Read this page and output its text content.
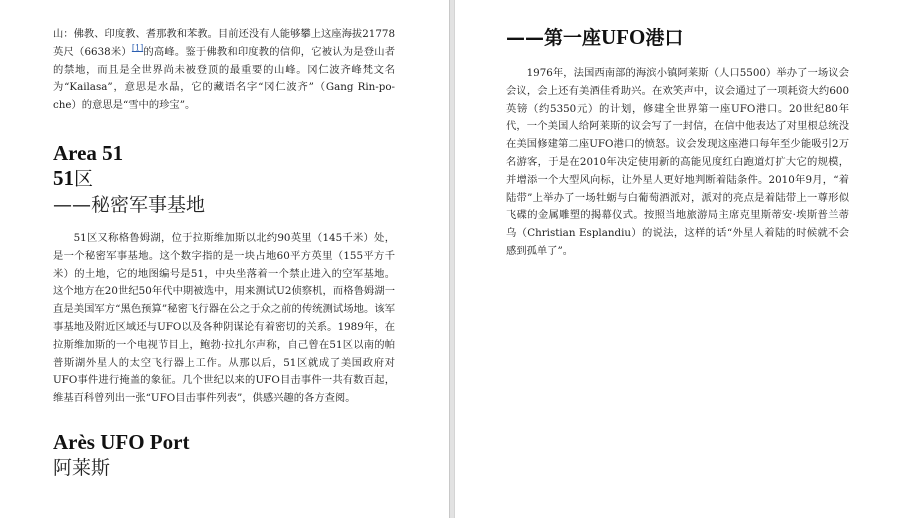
山：佛教、印度教、耆那教和苯教。目前还没有人能够攀上这座海拔21778英尺（6638米）[1]的高峰。鉴于佛教和印度教的信仰，它被认为是登山者的禁地，而且是全世界尚未被登顶的最重要的山峰。冈仁波齐峰梵文名为“Kailasa”，意思是水晶，它的藏语名字“冈仁波齐”（Gang Rin-po-che）的意思是“雪中的珍宝”。

Area 51
51区
——秘密军事基地

51区又称格鲁姆湖，位于拉斯维加斯以北约90英里（145千米）处，是一个秘密军事基地。这个数字指的是一块占地60平方英里（155平方千米）的土地，它的地图编号是51，中央坐落着一个禁止进入的空军基地。这个地方在20世纪50年代中期被选中，用来测试U2侦察机，而格鲁姆湖一直是美国军方“黑色预算”秘密飞行器在公之于众之前的传统测试场地。该军事基地及附近区域还与UFO以及各种阴谋论有着密切的关系。1989年，在拉斯维加斯的一个电视节目上，鲍勃·拉扎尔声称，自己曾在51区以南的帕普斯湖外星人的太空飞行器上工作。从那以后，51区就成了美国政府对UFO事件进行掩盖的象征。几个世纪以来的UFO目击事件一共有数百起，维基百科曾列出一张“UFO目击事件列表”，供感兴趣的各方查阅。

Arès UFO Port
阿莱斯
——第一座UFO港口

1976年，法国西南部的海滨小镇阿莱斯（人口5500）举办了一场议会会议，会上还有美酒佳肴助兴。在欢笑声中，议会通过了一项耗资大约600英镑（约5350元）的计划，修建全世界第一座UFO港口。20世纪80年代，一个美国人给阿莱斯的议会写了一封信，在信中他表达了对里根总统没在美国修建第二座UFO港口的愤怒。议会发现这座港口每年至少能吸引2万名游客，于是在2010年决定使用新的高能见度红白跑道灯扩大它的规模，并增添一个大型风向标，让外星人更好地判断着陆条件。2010年9月，“着陆带”上举办了一场牡蛎与白葡萄酒派对，派对的亮点是着陆带上一尊形似飞碟的金属雕塑的揭幕仪式。按照当地旅游局主席克里斯蒂安·埃斯普兰蒂乌（Christian Esplandiu）的说法，这样的话“外星人着陆的时候就不会感到孤单了”。
